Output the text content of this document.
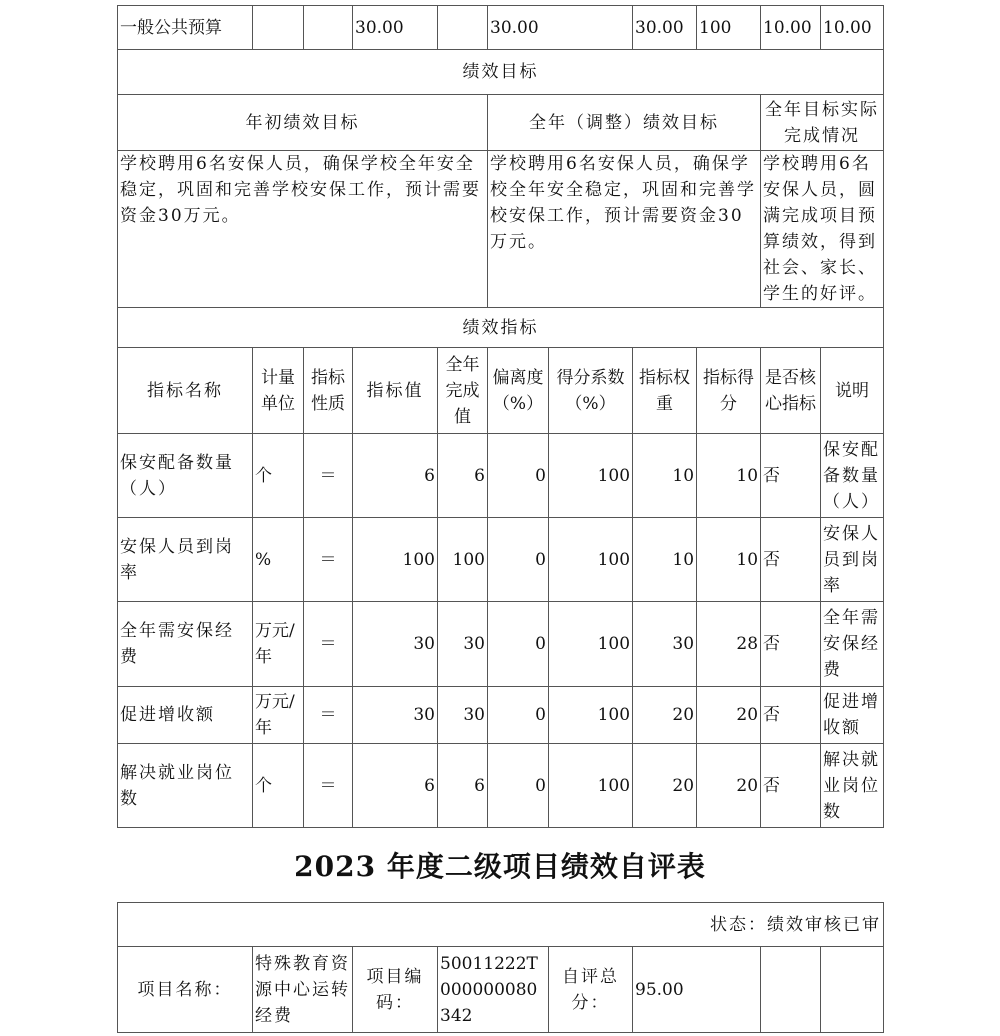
一般公共预算			30.00		30.00		30.00	100	10.00	10.00
绩效目标										
年初绩效目标					全年（调整）绩效目标				全年目标实际完成情况	
学校聘用6名安保人员，确保学校全年安全稳定，巩固和完善学校安保工作，预计需要资金30万元。					学校聘用6名安保人员，确保学校全年安全稳定，巩固和完善学校安保工作，预计需要资金30万元。				学校聘用6名安保人员，圆满完成项目预算绩效，得到社会、家长、学生的好评。	
绩效指标										
指标名称	计量单位	指标性质	指标值	全年完成值	偏离度（%）	得分系数（%）	指标权重	指标得分	是否核心指标	说明
保安配备数量（人）	个	＝	6	6	0	100	10	10	否	保安配备数量（人）
安保人员到岗率	%	＝	100	100	0	100	10	10	否	安保人员到岗率
全年需安保经费	万元/年	＝	30	30	0	100	30	28	否	全年需安保经费
促进增收额	万元/年	＝	30	30	0	100	20	20	否	促进增收额
解决就业岗位数	个	＝	6	6	0	100	20	20	否	解决就业岗位数
2023 年度二级项目绩效自评表
状态：绩效审核已审
项目名称：	特殊教育资源中心运转经费	项目编码：	50011222T000000080342	自评总分：	95.00		
